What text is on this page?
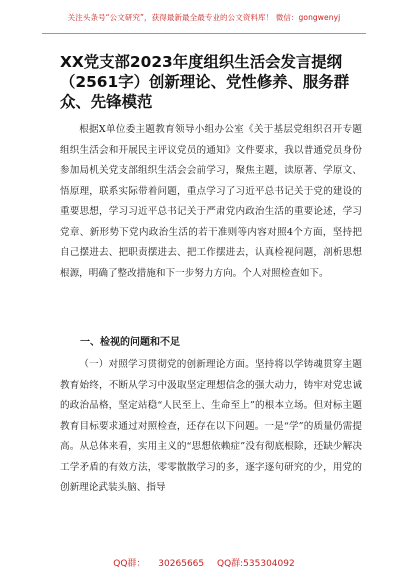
关注头条号“公文研究”，获得最新最全最专业的公文资料库！ 微信：gongwenyj
XX党支部2023年度组织生活会发言提纲（2561字）创新理论、党性修养、服务群众、先锋模范

根据X单位委主题教育领导小组办公室《关于基层党组织召开专题组织生活会和开展民主评议党员的通知》文件要求，我以普通党员身份参加局机关党支部组织生活会会前学习，聚焦主题，读原著、学原文、悟原理，联系实际带着问题，重点学习了习近平总书记关于党的建设的重要思想，学习习近平总书记关于严肃党内政治生活的重要论述，学习党章、新形势下党内政治生活的若干准则等内容对照4个方面，坚持把自己摆进去、把职责摆进去、把工作摆进去，认真检视问题，剖析思想根源，明确了整改措施和下一步努力方向。个人对照检查如下。

一、检视的问题和不足

（一）对照学习贯彻党的创新理论方面。坚持将以学铸魂贯穿主题教育始终，不断从学习中汲取坚定理想信念的强大动力，铸牢对党忠诚的政治品格，坚定站稳“人民至上、生命至上”的根本立场。但对标主题教育目标要求通过对照检查，还存在以下问题。一是“学”的质量仍需提高。从总体来看，实用主义的“思想依赖症”没有彻底根除，还缺少解决工学矛盾的有效方法，零零散散学习的多，逐字逐句研究的少，用党的创新理论武装头脑、指导

QQ群： 30265665 QQ群:535304092
